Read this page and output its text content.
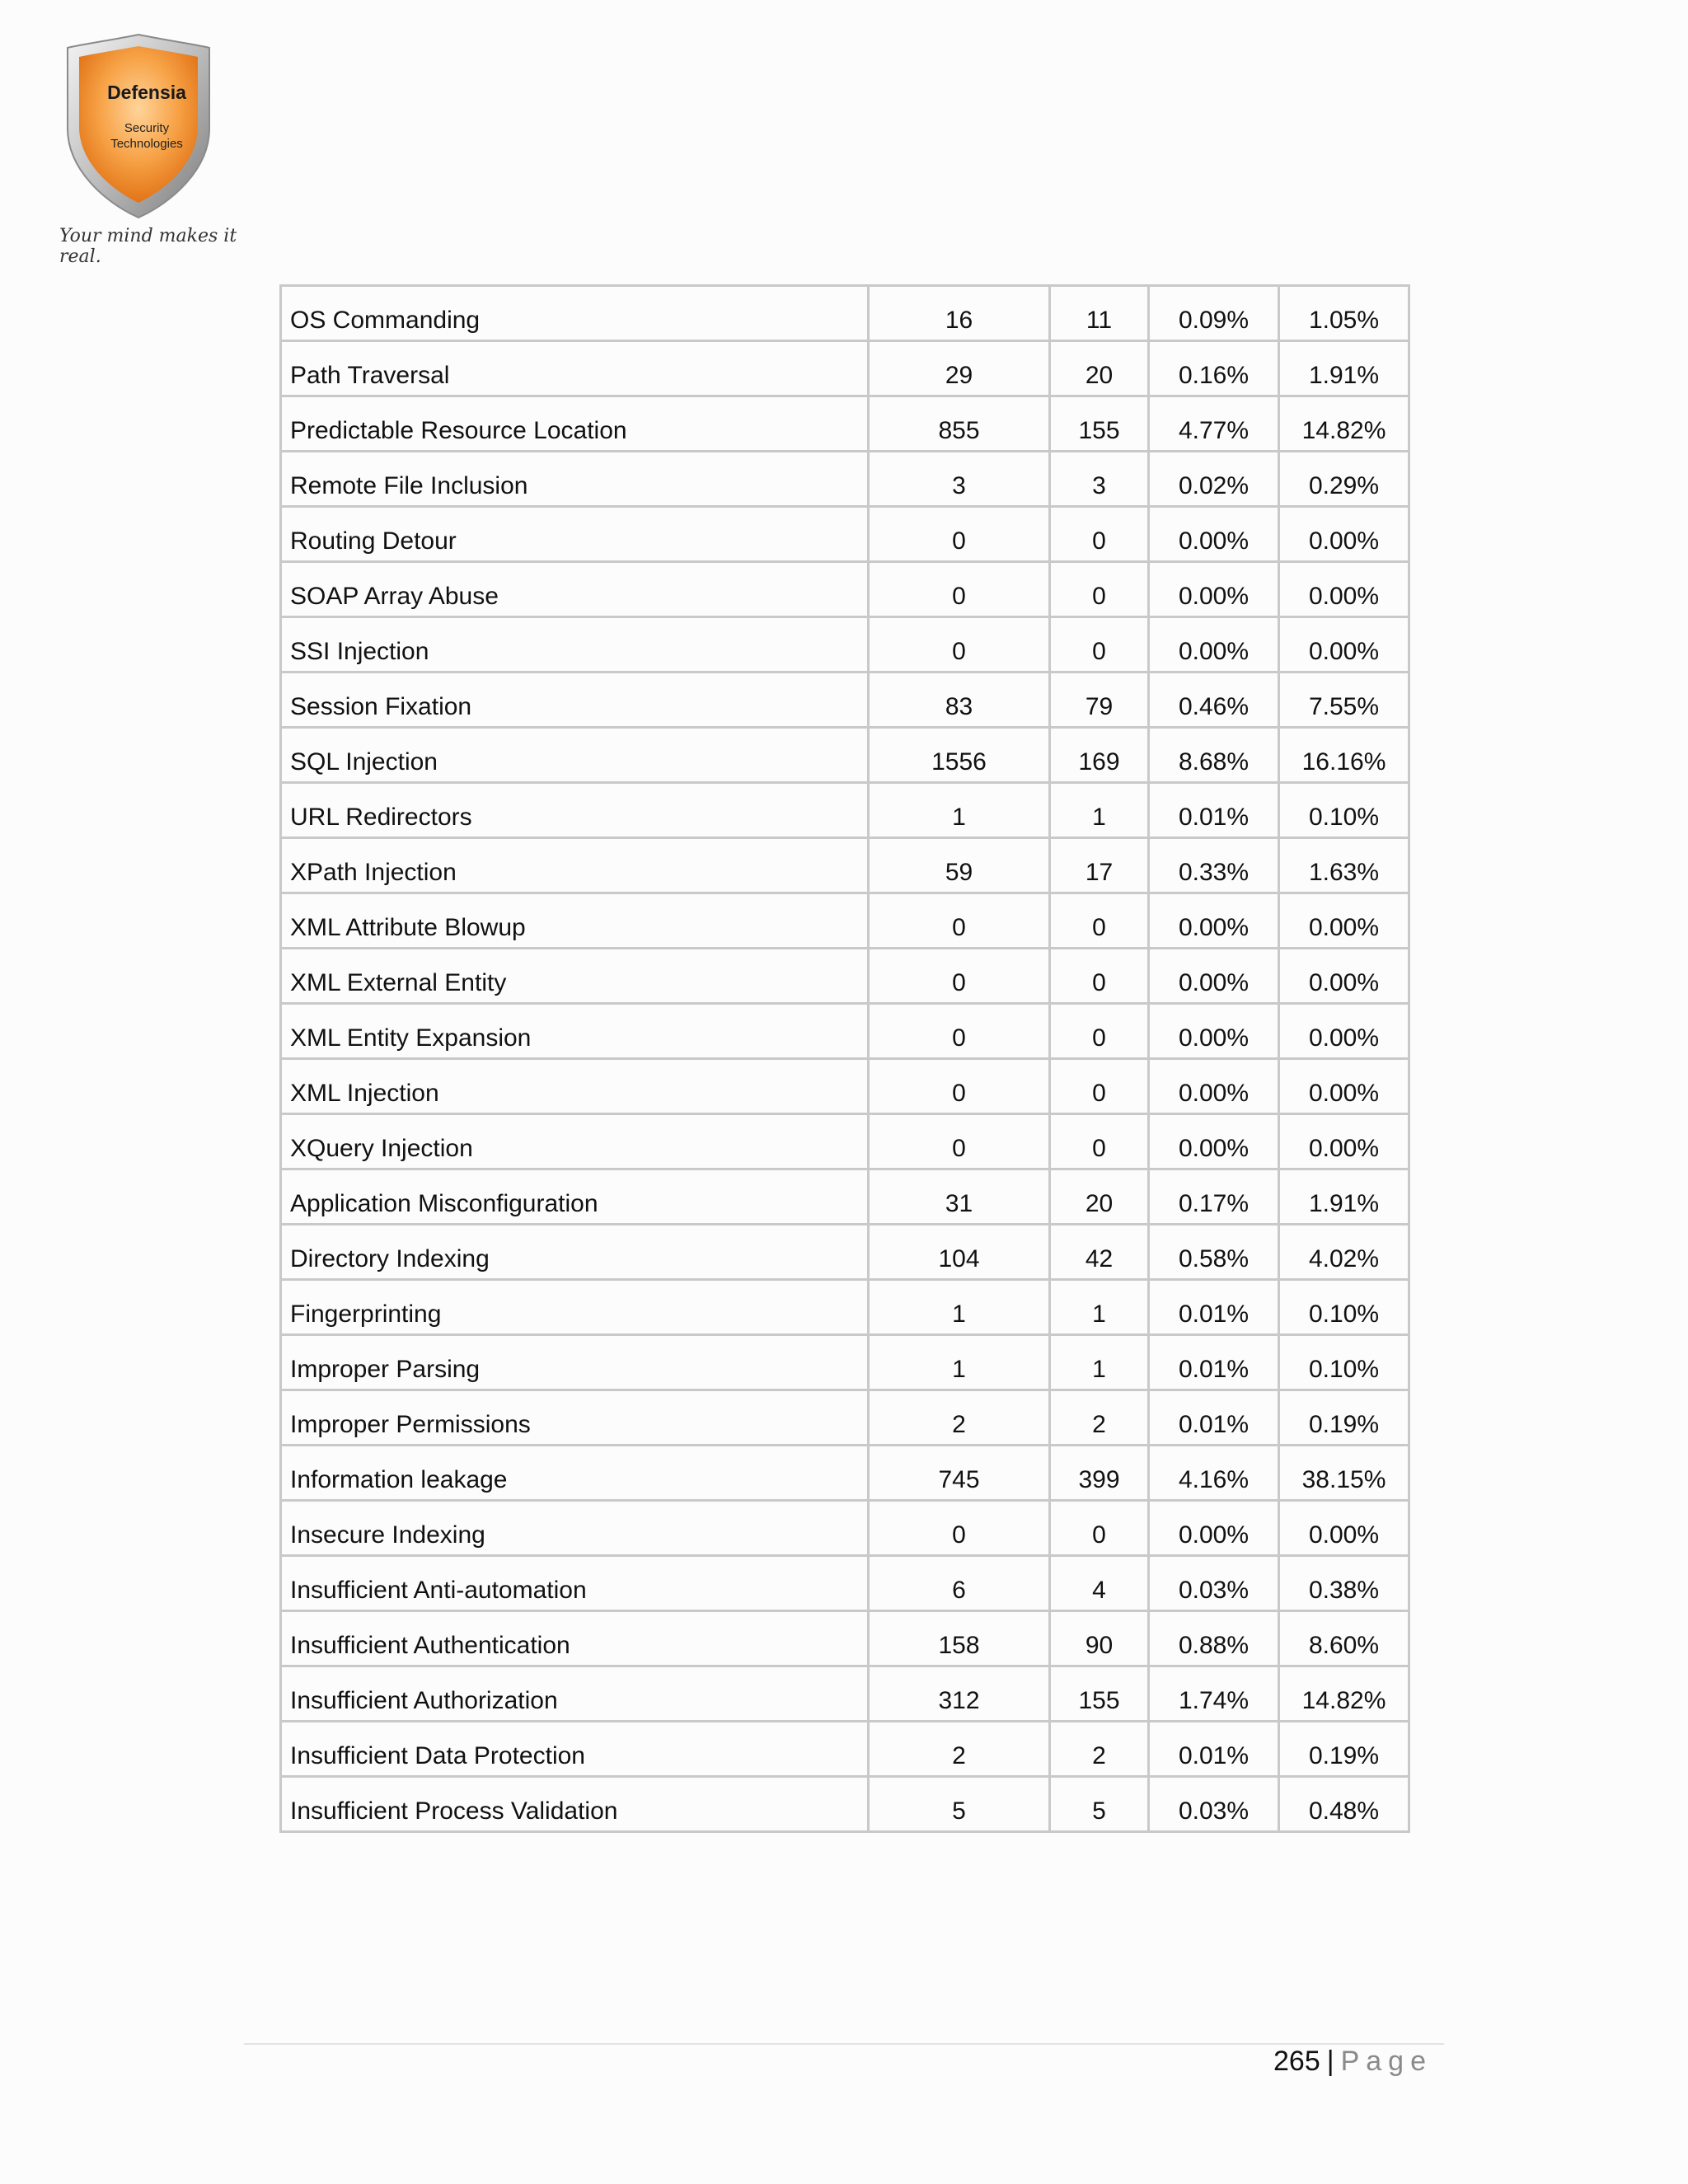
Defensia
Security
Technologies
Your mind makes it real.
OS Commanding	16	11	0.09%	1.05%
Path Traversal	29	20	0.16%	1.91%
Predictable Resource Location	855	155	4.77%	14.82%
Remote File Inclusion	3	3	0.02%	0.29%
Routing Detour	0	0	0.00%	0.00%
SOAP Array Abuse	0	0	0.00%	0.00%
SSI Injection	0	0	0.00%	0.00%
Session Fixation	83	79	0.46%	7.55%
SQL Injection	1556	169	8.68%	16.16%
URL Redirectors	1	1	0.01%	0.10%
XPath Injection	59	17	0.33%	1.63%
XML Attribute Blowup	0	0	0.00%	0.00%
XML External Entity	0	0	0.00%	0.00%
XML Entity Expansion	0	0	0.00%	0.00%
XML Injection	0	0	0.00%	0.00%
XQuery Injection	0	0	0.00%	0.00%
Application Misconfiguration	31	20	0.17%	1.91%
Directory Indexing	104	42	0.58%	4.02%
Fingerprinting	1	1	0.01%	0.10%
Improper Parsing	1	1	0.01%	0.10%
Improper Permissions	2	2	0.01%	0.19%
Information leakage	745	399	4.16%	38.15%
Insecure Indexing	0	0	0.00%	0.00%
Insufficient Anti-automation	6	4	0.03%	0.38%
Insufficient Authentication	158	90	0.88%	8.60%
Insufficient Authorization	312	155	1.74%	14.82%
Insufficient Data Protection	2	2	0.01%	0.19%
Insufficient Process Validation	5	5	0.03%	0.48%
265 | Page
